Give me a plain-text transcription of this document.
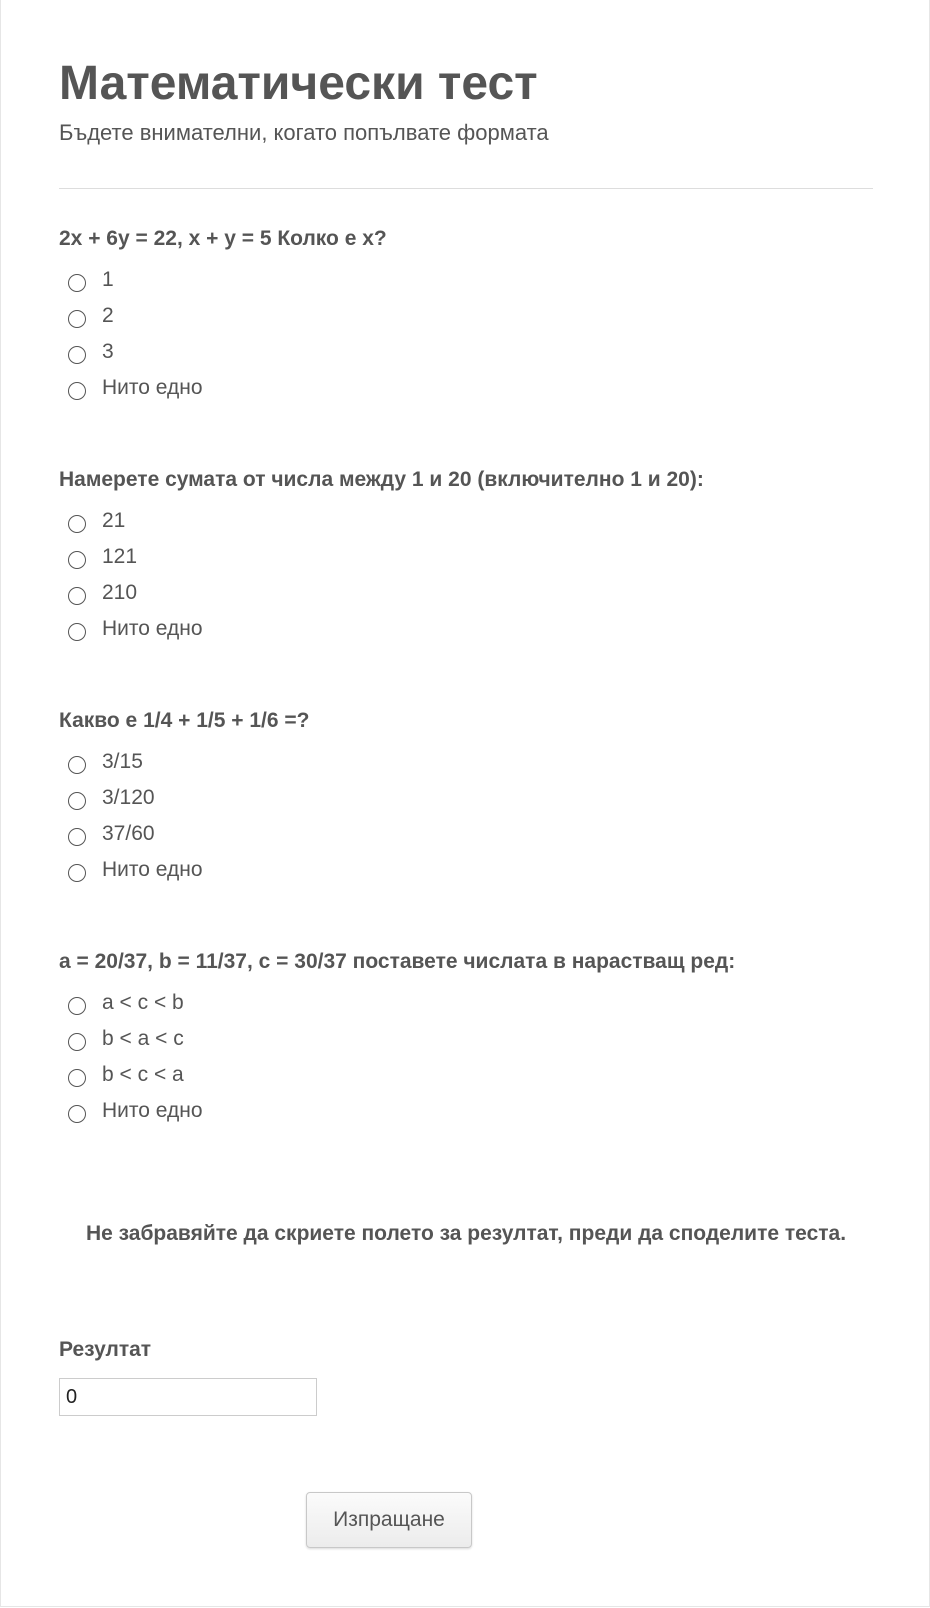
Математически тест
Бъдете внимателни, когато попълвате формата
2x + 6y = 22, x + y = 5 Колко е x?
1
2
3
Нито едно
Намерете сумата от числа между 1 и 20 (включително 1 и 20):
21
121
210
Нито едно
Какво е 1/4 + 1/5 + 1/6 =?
3/15
3/120
37/60
Нито едно
a = 20/37, b = 11/37, c = 30/37 поставете числата в нарастващ ред:
a < c < b
b < a < c
b < c < a
Нито едно
Не забравяйте да скриете полето за резултат, преди да споделите теста.
Резултат
0
Изпращане
